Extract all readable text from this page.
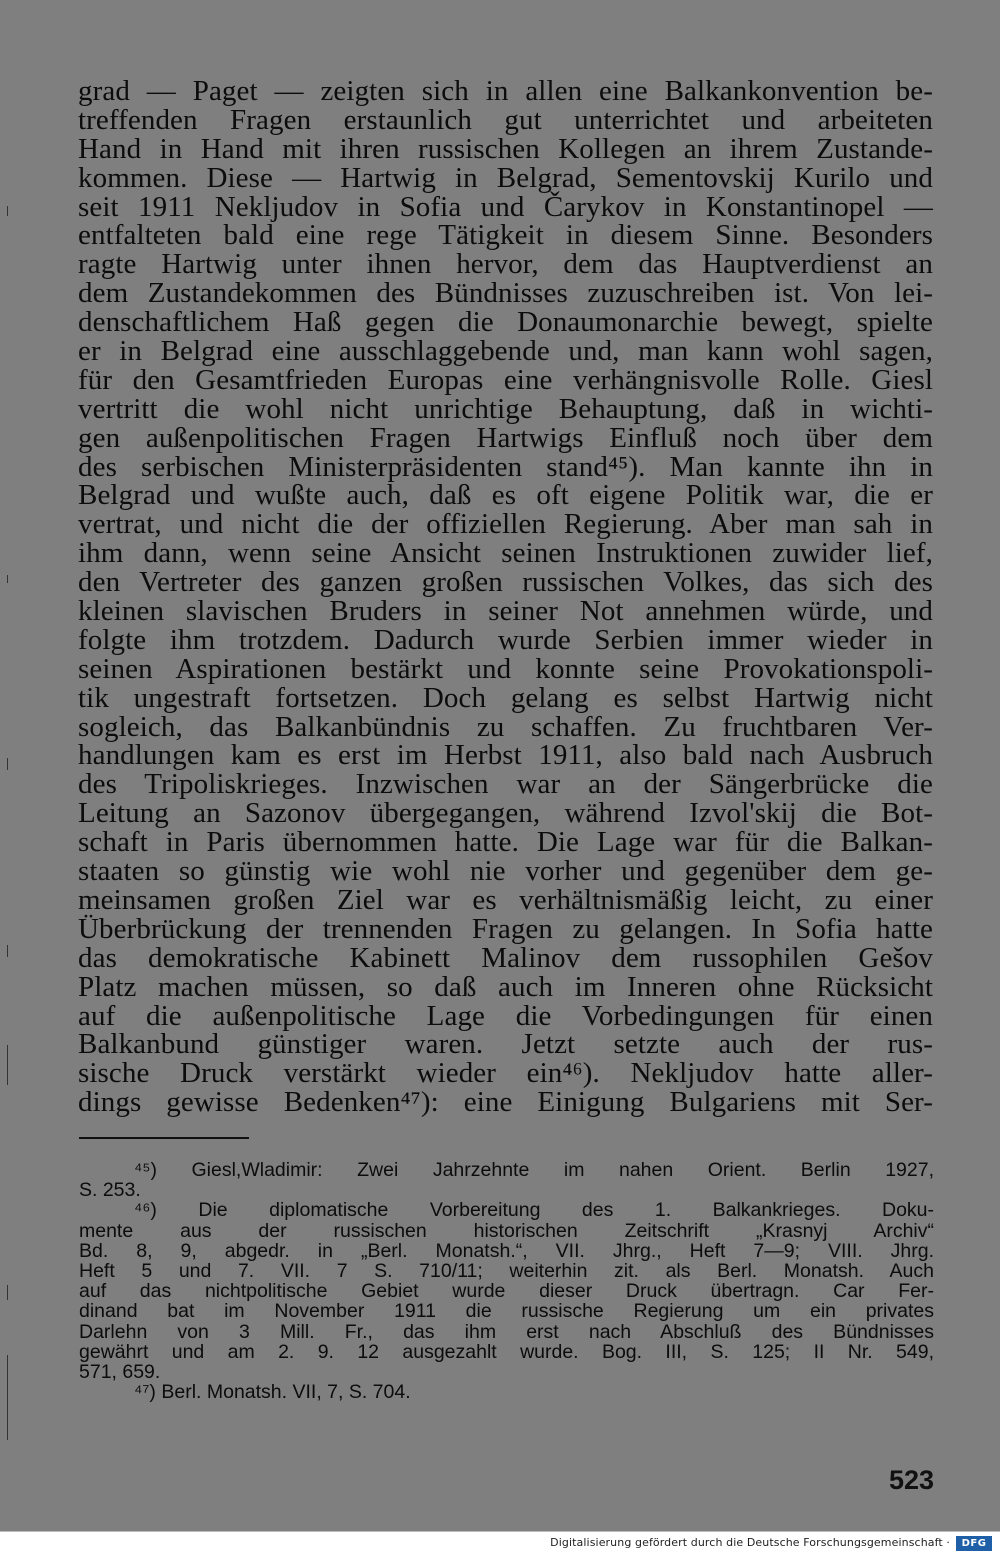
grad — Paget — zeigten sich in allen eine Balkankonvention be-
treffenden Fragen erstaunlich gut unterrichtet und arbeiteten
Hand in Hand mit ihren russischen Kollegen an ihrem Zustande-
kommen. Diese — Hartwig in Belgrad, Sementovskij Kurilo und
seit 1911 Nekljudov in Sofia und Čarykov in Konstantinopel —
entfalteten bald eine rege Tätigkeit in diesem Sinne. Besonders
ragte Hartwig unter ihnen hervor, dem das Hauptverdienst an
dem Zustandekommen des Bündnisses zuzuschreiben ist. Von lei-
denschaftlichem Haß gegen die Donaumonarchie bewegt, spielte
er in Belgrad eine ausschlaggebende und, man kann wohl sagen,
für den Gesamtfrieden Europas eine verhängnisvolle Rolle. Giesl
vertritt die wohl nicht unrichtige Behauptung, daß in wichti-
gen außenpolitischen Fragen Hartwigs Einfluß noch über dem
des serbischen Ministerpräsidenten stand⁴⁵). Man kannte ihn in
Belgrad und wußte auch, daß es oft eigene Politik war, die er
vertrat, und nicht die der offiziellen Regierung. Aber man sah in
ihm dann, wenn seine Ansicht seinen Instruktionen zuwider lief,
den Vertreter des ganzen großen russischen Volkes, das sich des
kleinen slavischen Bruders in seiner Not annehmen würde, und
folgte ihm trotzdem. Dadurch wurde Serbien immer wieder in
seinen Aspirationen bestärkt und konnte seine Provokationspoli-
tik ungestraft fortsetzen. Doch gelang es selbst Hartwig nicht
sogleich, das Balkanbündnis zu schaffen. Zu fruchtbaren Ver-
handlungen kam es erst im Herbst 1911, also bald nach Ausbruch
des Tripoliskrieges. Inzwischen war an der Sängerbrücke die
Leitung an Sazonov übergegangen, während Izvol'skij die Bot-
schaft in Paris übernommen hatte. Die Lage war für die Balkan-
staaten so günstig wie wohl nie vorher und gegenüber dem ge-
meinsamen großen Ziel war es verhältnismäßig leicht, zu einer
Überbrückung der trennenden Fragen zu gelangen. In Sofia hatte
das demokratische Kabinett Malinov dem russophilen Gešov
Platz machen müssen, so daß auch im Inneren ohne Rücksicht
auf die außenpolitische Lage die Vorbedingungen für einen
Balkanbund günstiger waren. Jetzt setzte auch der rus-
sische Druck verstärkt wieder ein⁴⁶). Nekljudov hatte aller-
dings gewisse Bedenken⁴⁷): eine Einigung Bulgariens mit Ser-
⁴⁵) Giesl,Wladimir: Zwei Jahrzehnte im nahen Orient. Berlin 1927,
S. 253.
⁴⁶) Die diplomatische Vorbereitung des 1. Balkankrieges. Doku-
mente aus der russischen historischen Zeitschrift „Krasnyj Archiv“
Bd. 8, 9, abgedr. in „Berl. Monatsh.“, VII. Jhrg., Heft 7—9; VIII. Jhrg.
Heft 5 und 7. VII. 7 S. 710/11; weiterhin zit. als Berl. Monatsh. Auch
auf das nichtpolitische Gebiet wurde dieser Druck übertragn. Car Fer-
dinand bat im November 1911 die russische Regierung um ein privates
Darlehn von 3 Mill. Fr., das ihm erst nach Abschluß des Bündnisses
gewährt und am 2. 9. 12 ausgezahlt wurde. Bog. III, S. 125; II Nr. 549,
571, 659.
⁴⁷) Berl. Monatsh. VII, 7, S. 704.
523
Digitalisierung gefördert durch die Deutsche Forschungsgemeinschaft ·	DFG
